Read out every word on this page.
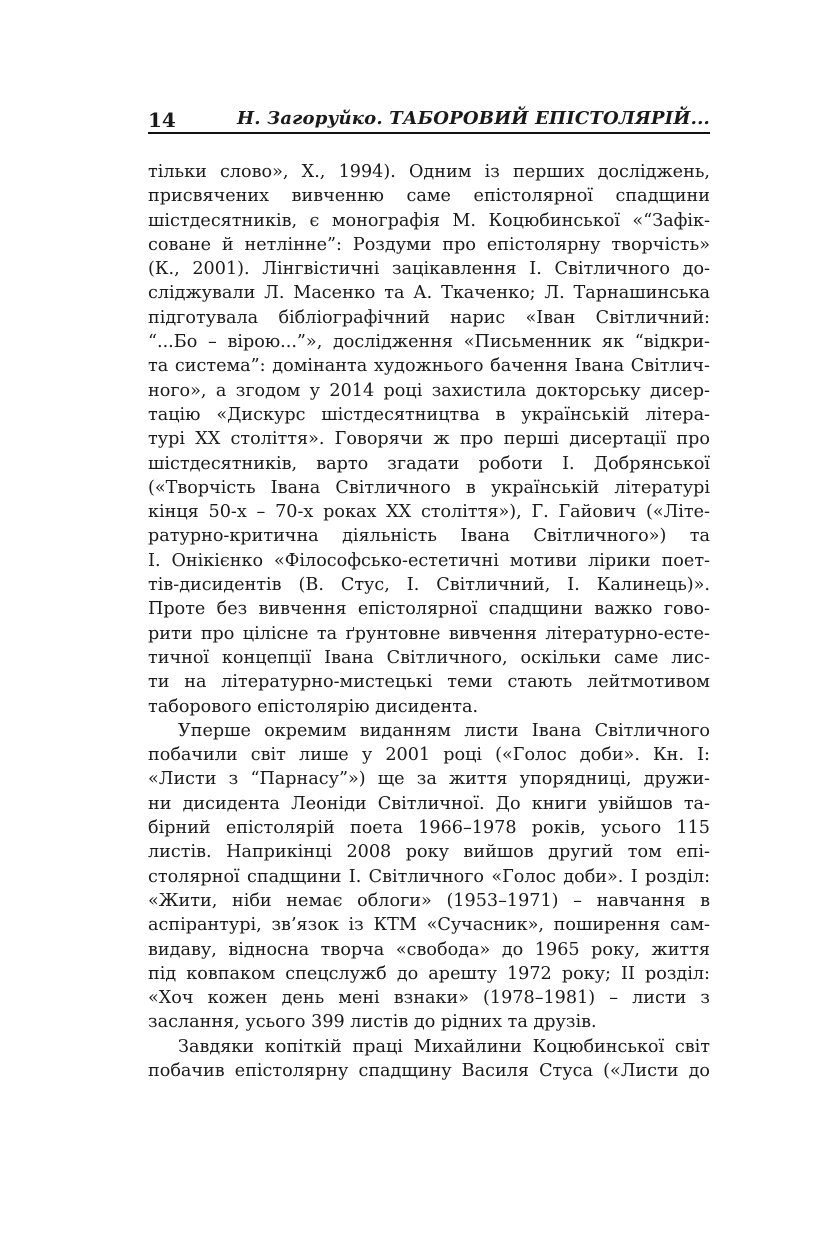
14	Н. Загоруйко. ТАБОРОВИЙ ЕПІСТОЛЯРІЙ...
тільки слово», Х., 1994). Одним із перших досліджень,
присвячених вивченню саме епістолярної спадщини
шістдесятників, є монографія М. Коцюбинської «“Зафік-
соване й нетлінне”: Роздуми про епістолярну творчість»
(К., 2001). Лінгвістичні зацікавлення І. Світличного до-
сліджували Л. Масенко та А. Ткаченко; Л. Тарнашинська
підготувала бібліографічний нарис «Іван Світличний:
“...Бо – вірою...”», дослідження «Письменник як “відкри-
та система”: домінанта художнього бачення Івана Світлич-
ного», а згодом у 2014 році захистила докторську дисер-
тацію «Дискурс шістдесятництва в українській літера-
турі ХХ століття». Говорячи ж про перші дисертації про
шістдесятників, варто згадати роботи І. Добрянської
(«Творчість Івана Світличного в українській літературі
кінця 50-х – 70-х роках ХХ століття»), Г. Гайович («Літе-
ратурно-критична діяльність Івана Світличного») та
І. Онікієнко «Філософсько-естетичні мотиви лірики поет-
тів-дисидентів (В. Стус, І. Світличний, І. Калинець)».
Проте без вивчення епістолярної спадщини важко гово-
рити про цілісне та ґрунтовне вивчення літературно-есте-
тичної концепції Івана Світличного, оскільки саме лис-
ти на літературно-мистецькі теми стають лейтмотивом
таборового епістолярію дисидента.
Уперше окремим виданням листи Івана Світличного
побачили світ лише у 2001 році («Голос доби». Кн. І:
«Листи з “Парнасу”») ще за життя упорядниці, дружи-
ни дисидента Леоніди Світличної. До книги увійшов та-
бірний епістолярій поета 1966–1978 років, усього 115
листів. Наприкінці 2008 року вийшов другий том епі-
столярної спадщини І. Світличного «Голос доби». І розділ:
«Жити, ніби немає облоги» (1953–1971) – навчання в
аспірантурі, зв’язок із КТМ «Сучасник», поширення сам-
видаву, відносна творча «свобода» до 1965 року, життя
під ковпаком спецслужб до арешту 1972 року; ІІ розділ:
«Хоч кожен день мені взнаки» (1978–1981) – листи з
заслання, усього 399 листів до рідних та друзів.
Завдяки копіткій праці Михайлини Коцюбинської світ
побачив епістолярну спадщину Василя Стуса («Листи до
